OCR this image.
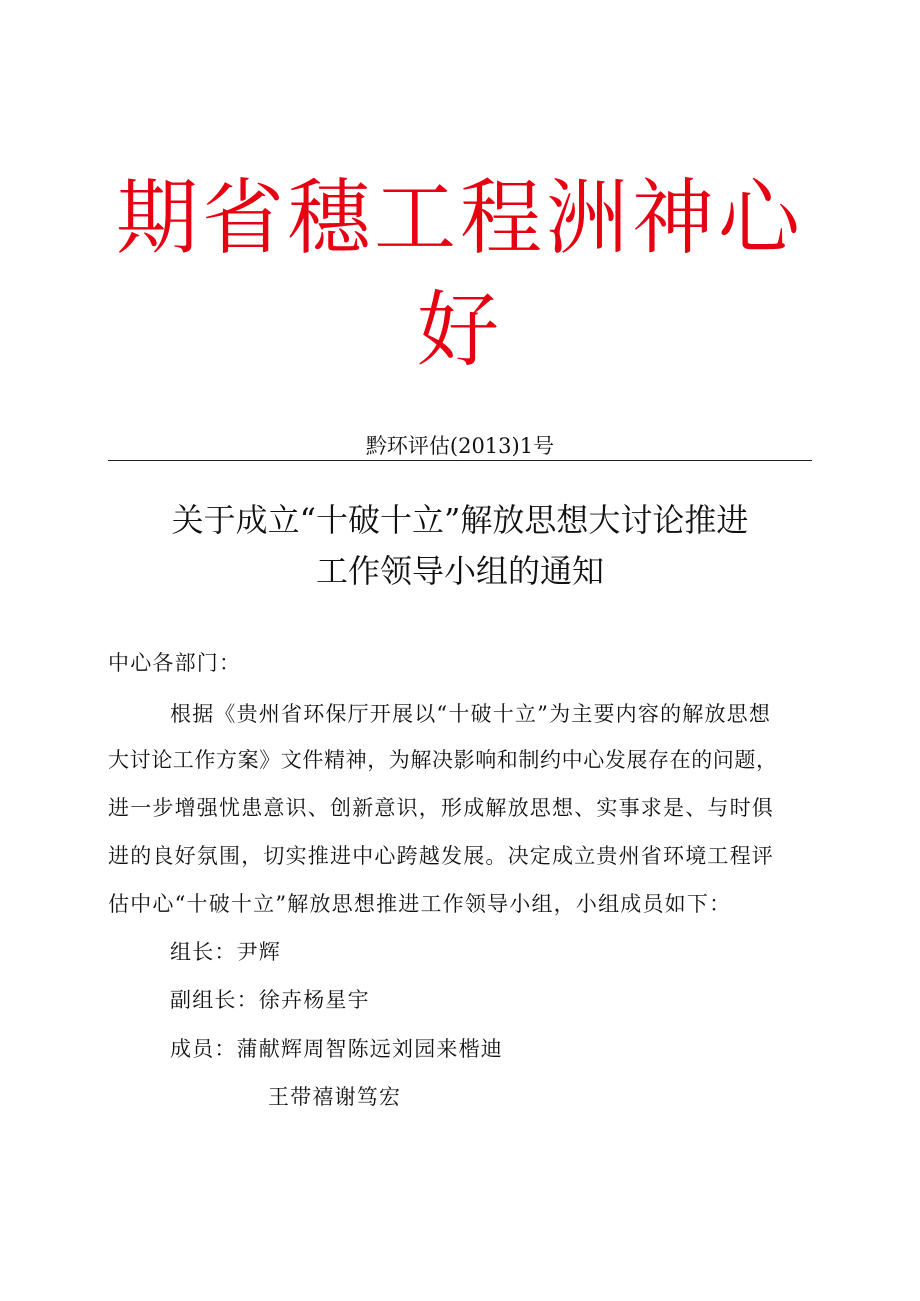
期省穗工程洲神心
好
黔环评估(2013)1号
关于成立“十破十立”解放思想大讨论推进
工作领导小组的通知
中心各部门：
根据《贵州省环保厅开展以“十破十立”为主要内容的解放思想
大讨论工作方案》文件精神，为解决影响和制约中心发展存在的问题，
进一步增强忧患意识、创新意识，形成解放思想、实事求是、与时俱
进的良好氛围，切实推进中心跨越发展。决定成立贵州省环境工程评
估中心“十破十立”解放思想推进工作领导小组，小组成员如下：
组长：尹辉
副组长：徐卉杨星宇
成员：蒲献辉周智陈远刘园来楷迪
王带禧谢笃宏
